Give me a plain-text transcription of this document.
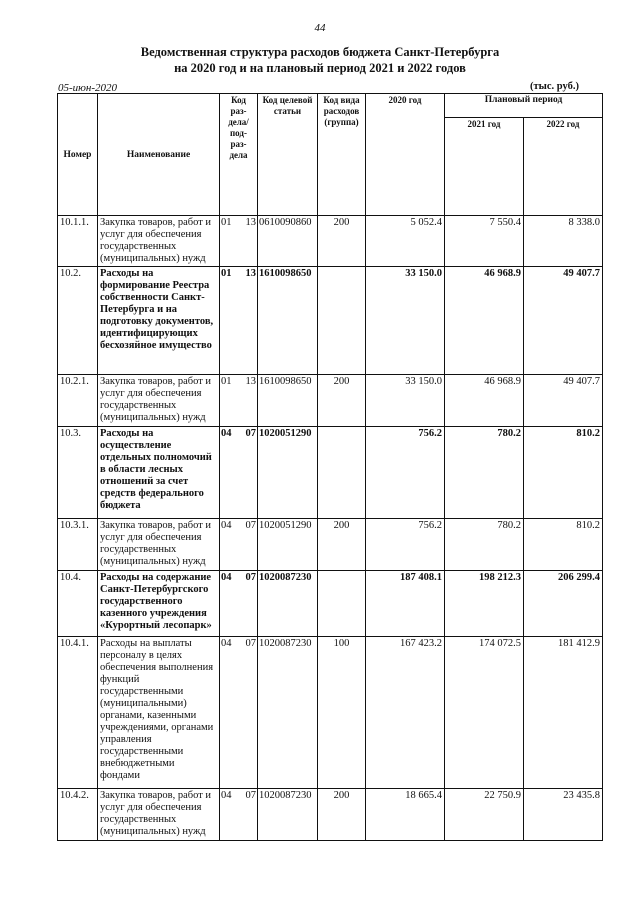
44
Ведомственная структура расходов бюджета Санкт-Петербурга
на 2020 год и на плановый период 2021 и 2022 годов
05-июн-2020	(тыс. руб.)
Номер	Наименование	Код раз- дела/ под- раз- дела	Код целевой статьи	Код вида расходов (группа)	2020 год	Плановый период	
						2021 год	2022 год
10.1.1.	Закупка товаров, работ и услуг для обеспечения государственных (муниципальных) нужд	01 13	0610090860	200	5 052.4	7 550.4	8 338.0
10.2.	Расходы на формирование Реестра собственности Санкт-Петербурга и на подготовку документов, идентифицирующих бесхозяйное имущество	01 13	1610098650		33 150.0	46 968.9	49 407.7
10.2.1.	Закупка товаров, работ и услуг для обеспечения государственных (муниципальных) нужд	01 13	1610098650	200	33 150.0	46 968.9	49 407.7
10.3.	Расходы на осуществление отдельных полномочий в области лесных отношений за счет средств федерального бюджета	04 07	1020051290		756.2	780.2	810.2
10.3.1.	Закупка товаров, работ и услуг для обеспечения государственных (муниципальных) нужд	04 07	1020051290	200	756.2	780.2	810.2
10.4.	Расходы на содержание Санкт-Петербургского государственного казенного учреждения «Курортный лесопарк»	04 07	1020087230		187 408.1	198 212.3	206 299.4
10.4.1.	Расходы на выплаты персоналу в целях обеспечения выполнения функций государственными (муниципальными) органами, казенными учреждениями, органами управления государственными внебюджетными фондами	04 07	1020087230	100	167 423.2	174 072.5	181 412.9
10.4.2.	Закупка товаров, работ и услуг для обеспечения государственных (муниципальных) нужд	04 07	1020087230	200	18 665.4	22 750.9	23 435.8
